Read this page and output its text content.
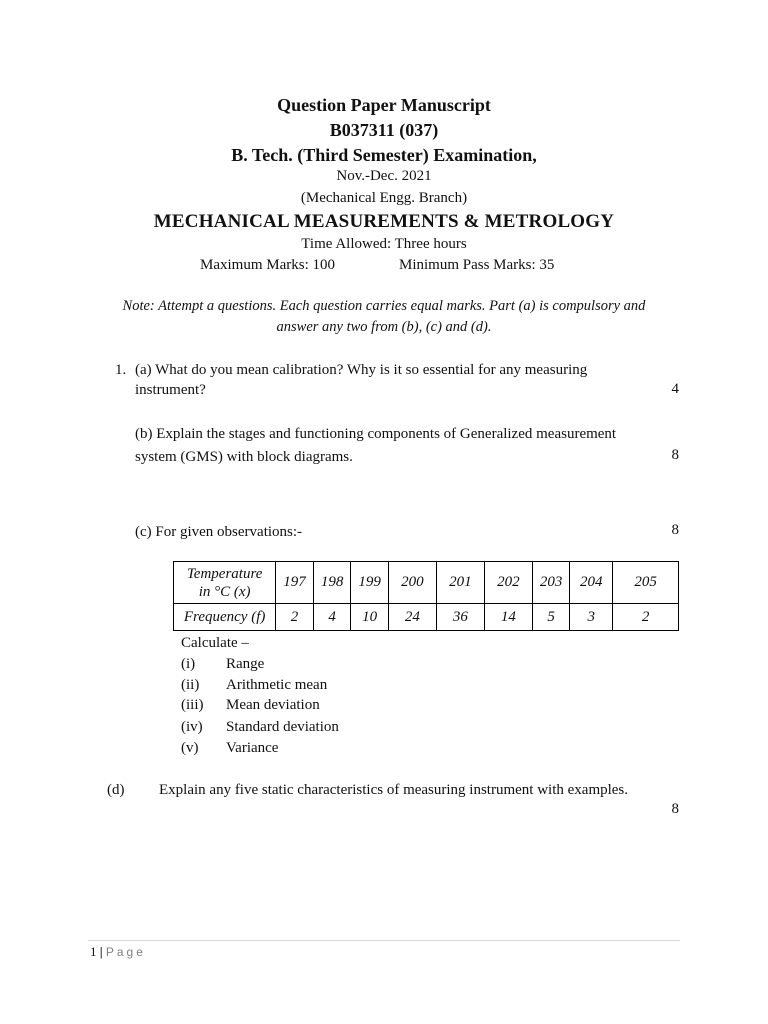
Question Paper Manuscript
B037311 (037)
B. Tech. (Third Semester) Examination,
Nov.-Dec. 2021
(Mechanical Engg. Branch)
MECHANICAL MEASUREMENTS & METROLOGY
Time Allowed: Three hours
Maximum Marks: 100	Minimum Pass Marks: 35
Note: Attempt a questions. Each question carries equal marks. Part (a) is compulsory and
answer any two from (b), (c) and (d).
1. (a) What do you mean calibration? Why is it so essential for any measuring
instrument?	4
(b) Explain the stages and functioning components of Generalized measurement
system (GMS) with block diagrams.	8
(c) For given observations:-	8
Temperature
in °C (x)	197	198	199	200	201	202	203	204	205
Frequency (f)	2	4	10	24	36	14	5	3	2
Calculate –
(i) Range
(ii) Arithmetic mean
(iii) Mean deviation
(iv) Standard deviation
(v) Variance
(d) Explain any five static characteristics of measuring instrument with examples.
8
1 | Page
